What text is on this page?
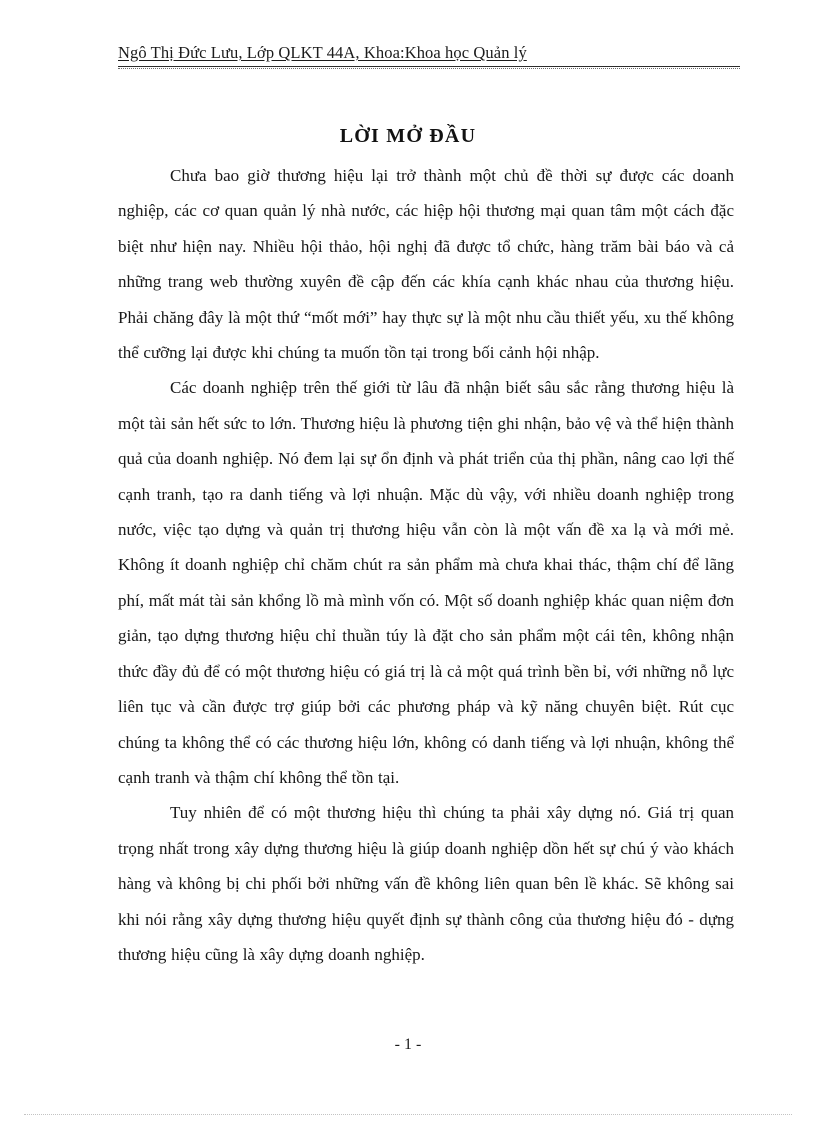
Ngô Thị Đức Lưu, Lớp QLKT 44A, Khoa:Khoa học Quản lý
LỜI MỞ ĐẦU

Chưa bao giờ thương hiệu lại trở thành một chủ đề thời sự được các doanh nghiệp, các cơ quan quản lý nhà nước, các hiệp hội thương mại quan tâm một cách đặc biệt như hiện nay. Nhiều hội thảo, hội nghị đã được tổ chức, hàng trăm bài báo và cả những trang web thường xuyên đề cập đến các khía cạnh khác nhau của thương hiệu. Phải chăng đây là một thứ “mốt mới” hay thực sự là một nhu cầu thiết yếu, xu thế không thể cưỡng lại được khi chúng ta muốn tồn tại trong bối cảnh hội nhập.

Các doanh nghiệp trên thế giới từ lâu đã nhận biết sâu sắc rằng thương hiệu là một tài sản hết sức to lớn. Thương hiệu là phương tiện ghi nhận, bảo vệ và thể hiện thành quả của doanh nghiệp. Nó đem lại sự ổn định và phát triển của thị phần, nâng cao lợi thế cạnh tranh, tạo ra danh tiếng và lợi nhuận. Mặc dù vậy, với nhiều doanh nghiệp trong nước, việc tạo dựng và quản trị thương hiệu vẫn còn là một vấn đề xa lạ và mới mẻ. Không ít doanh nghiệp chỉ chăm chút ra sản phẩm mà chưa khai thác, thậm chí để lãng phí, mất mát tài sản khổng lồ mà mình vốn có. Một số doanh nghiệp khác quan niệm đơn giản, tạo dựng thương hiệu chỉ thuần túy là đặt cho sản phẩm một cái tên, không nhận thức đầy đủ để có một thương hiệu có giá trị là cả một quá trình bền bỉ, với những nỗ lực liên tục và cần được trợ giúp bởi các phương pháp và kỹ năng chuyên biệt. Rút cục chúng ta không thể có các thương hiệu lớn, không có danh tiếng và lợi nhuận, không thể cạnh tranh và thậm chí không thể tồn tại.

Tuy nhiên để có một thương hiệu thì chúng ta phải xây dựng nó. Giá trị quan trọng nhất trong xây dựng thương hiệu là giúp doanh nghiệp dồn hết sự chú ý vào khách hàng và không bị chi phối bởi những vấn đề không liên quan bên lề khác. Sẽ không sai khi nói rằng xây dựng thương hiệu quyết định sự thành công của thương hiệu đó - dựng thương hiệu cũng là xây dựng doanh nghiệp.

- 1 -
